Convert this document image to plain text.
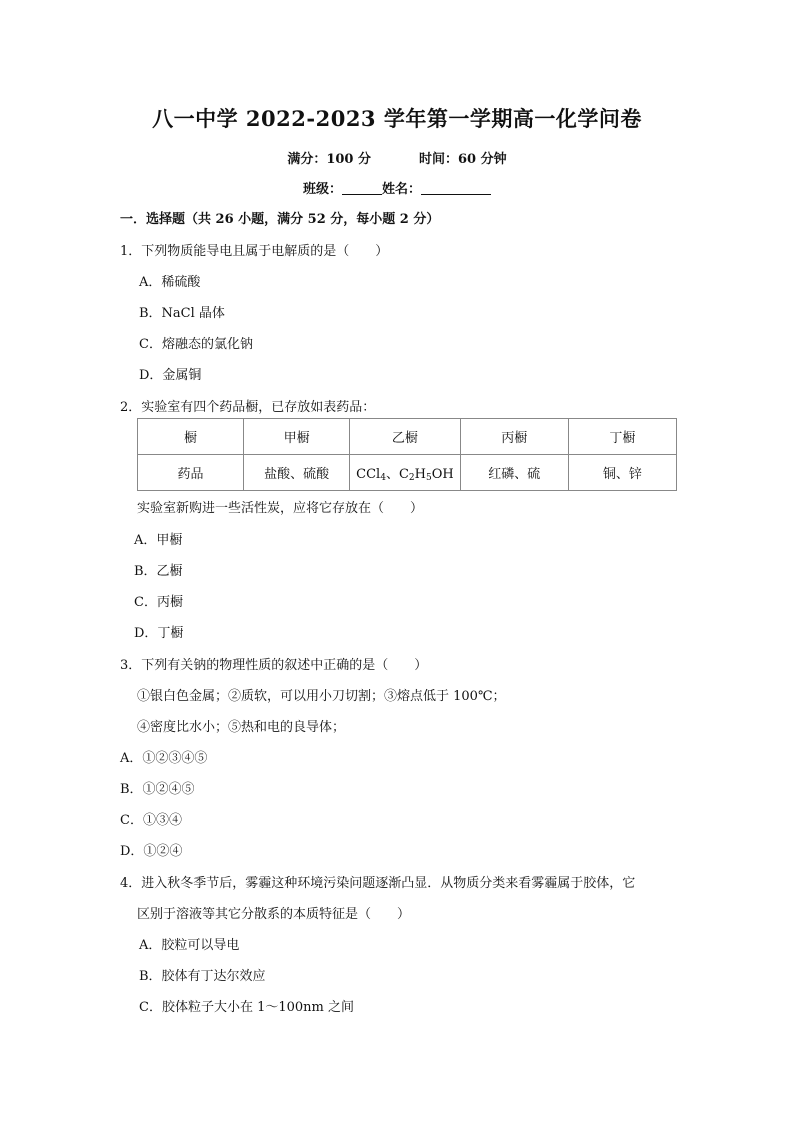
八一中学 2022-2023 学年第一学期高一化学问卷
满分：100 分	时间：60 分钟
班级：	姓名：
一．选择题（共 26 小题，满分 52 分，每小题 2 分）
1．下列物质能导电且属于电解质的是（　　）
A．稀硫酸
B．NaCl 晶体
C．熔融态的氯化钠
D．金属铜
2．实验室有四个药品橱，已存放如表药品：
橱	甲橱	乙橱	丙橱	丁橱
药品	盐酸、硫酸	CCl$_4$、$C_2H_5OH$	红磷、硫	铜、锌
实验室新购进一些活性炭，应将它存放在（　　）
A．甲橱
B．乙橱
C．丙橱
D．丁橱
3．下列有关钠的物理性质的叙述中正确的是（　　）
①银白色金属；②质软，可以用小刀切割；③熔点低于 100℃；
④密度比水小；⑤热和电的良导体；
A．①②③④⑤
B．①②④⑤
C．①③④
D．①②④
4．进入秋冬季节后，雾霾这种环境污染问题逐渐凸显．从物质分类来看雾霾属于胶体，它
区别于溶液等其它分散系的本质特征是（　　）
A．胶粒可以导电
B．胶体有丁达尔效应
C．胶体粒子大小在 1～100nm 之间
